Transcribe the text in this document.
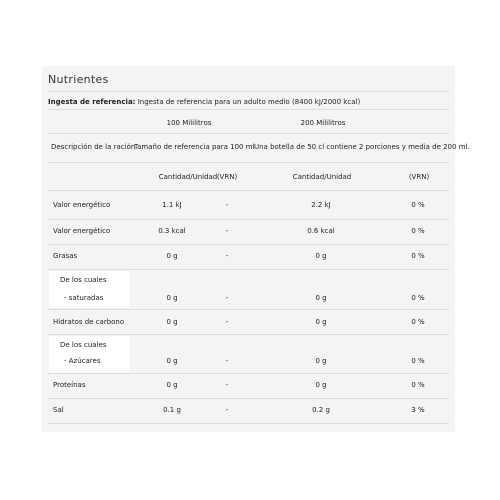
Nutrientes
Ingesta de referencia: Ingesta de referencia para un adulto medio (8400 kJ/2000 kcal)
100 Mililitros	200 Mililitros
Descripción de la ración
Tamaño de referencia para 100 ml Una botella de 50 cl contiene 2 porciones y media de 200 ml.
Cantidad/Unidad (VRN)	Cantidad/Unidad	(VRN)
Valor energético	1.1 kJ	-	2.2 kJ	0 %
Valor energético	0.3 kcal	-	0.6 kcal	0 %
Grasas	0 g	-	0 g	0 %
De los cuales
- saturadas	0 g	-	0 g	0 %
Hidratos de carbono	0 g	-	0 g	0 %
De los cuales
- Azúcares	0 g	-	0 g	0 %
Proteínas	0 g	-	0 g	0 %
Sal	0.1 g	-	0.2 g	3 %
